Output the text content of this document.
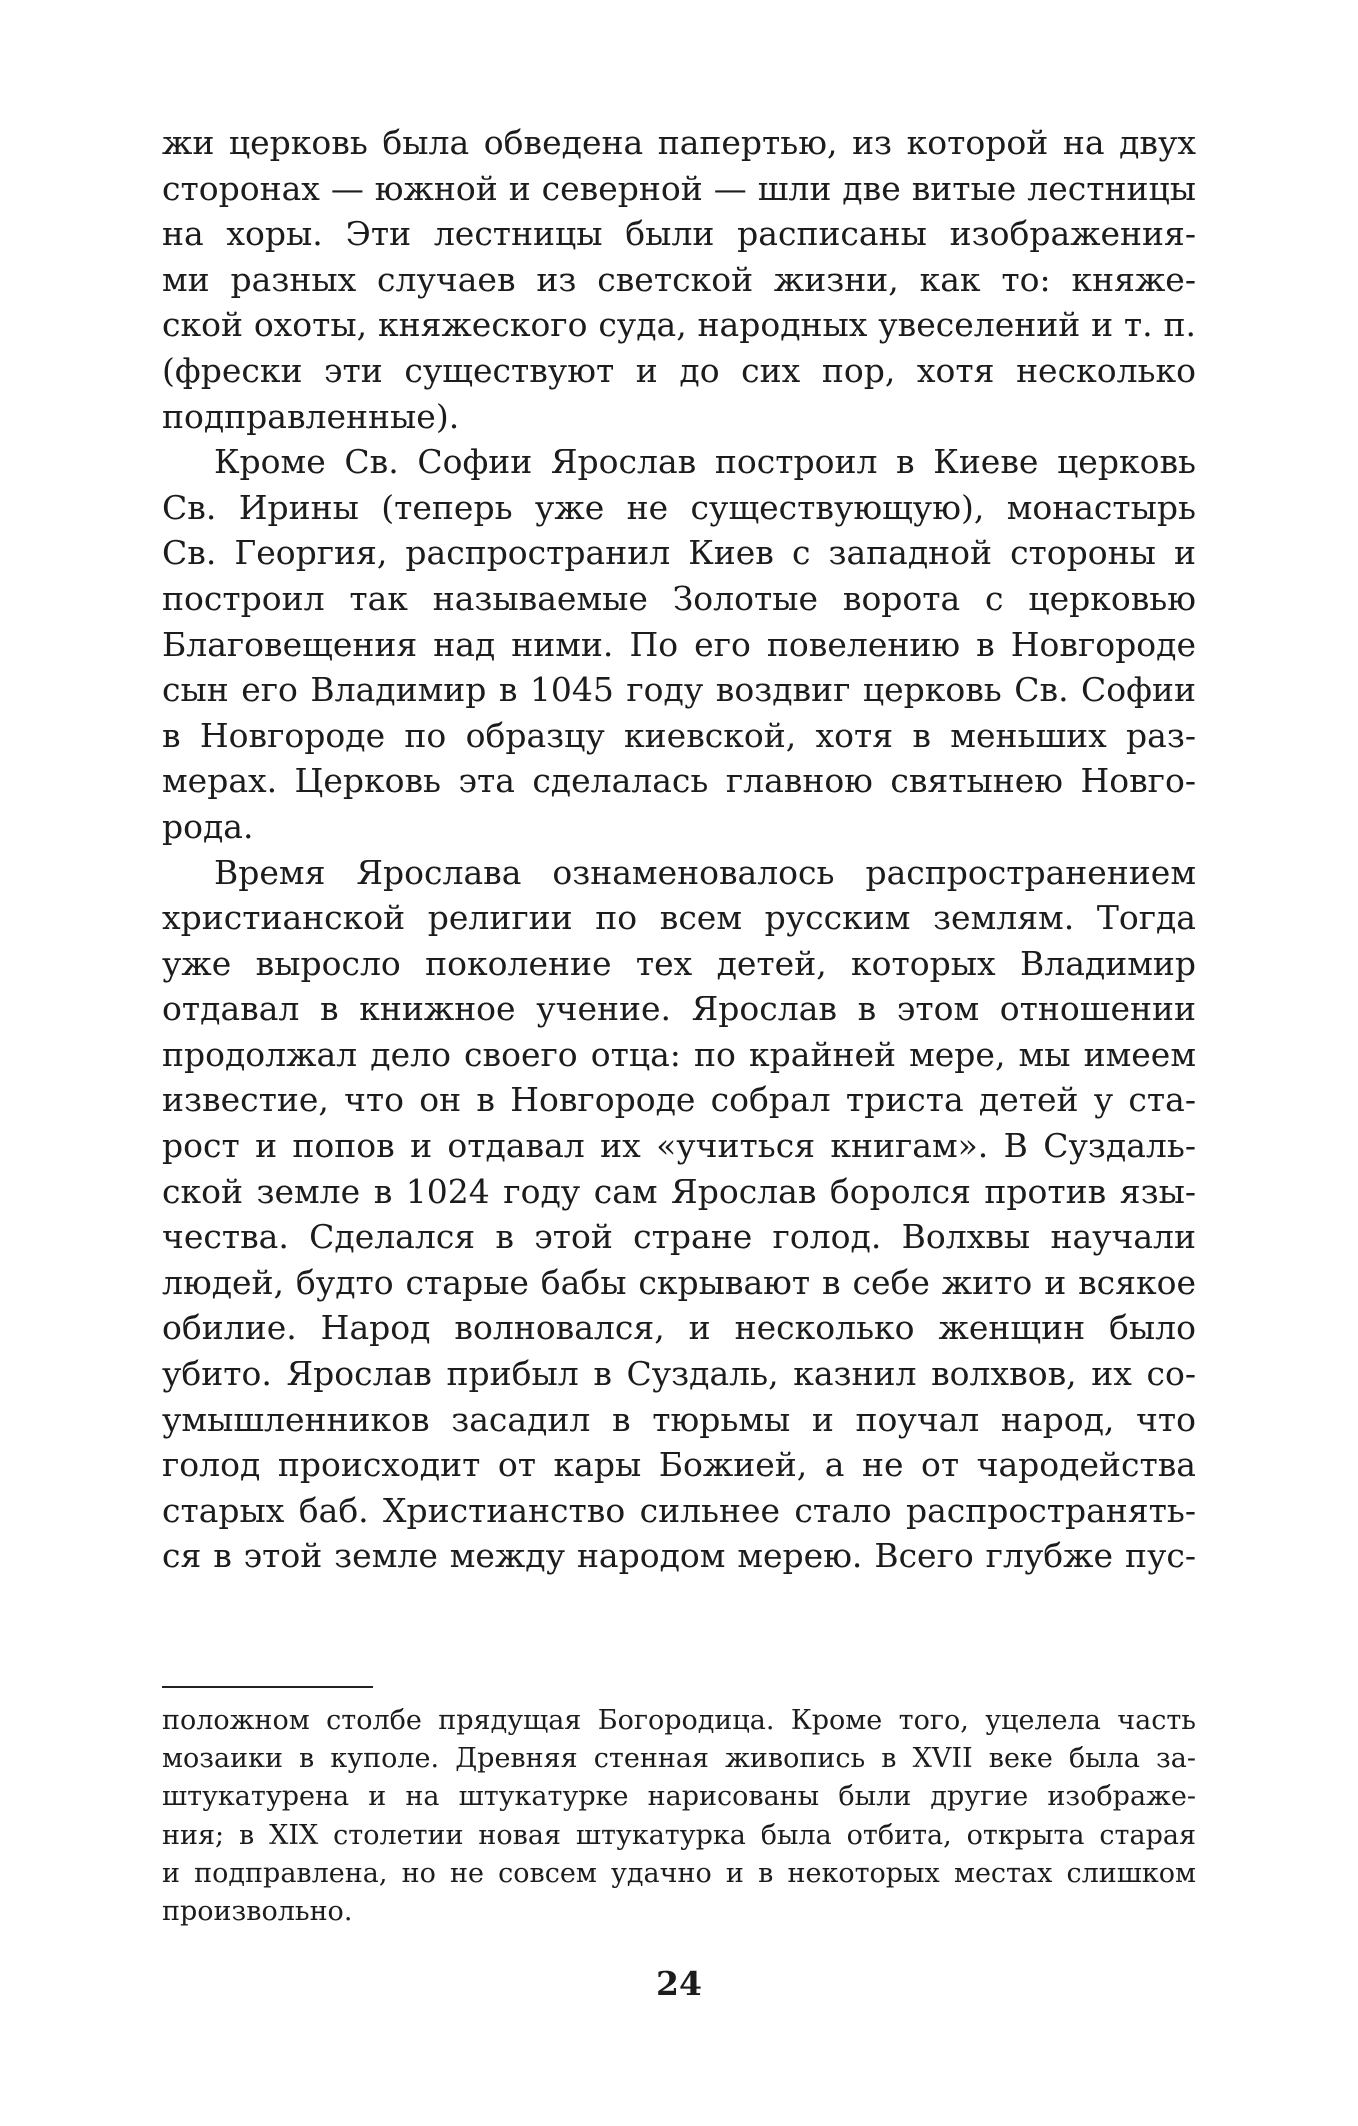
жи церковь была обведена папертью, из которой на двух
сторонах — южной и северной — шли две витые лестницы
на хоры. Эти лестницы были расписаны изображения-
ми разных случаев из светской жизни, как то: княже-
ской охоты, княжеского суда, народных увеселений и т. п.
(фрески эти существуют и до сих пор, хотя несколько
подправленные).
Кроме Св. Софии Ярослав построил в Киеве церковь
Св. Ирины (теперь уже не существующую), монастырь
Св. Георгия, распространил Киев с западной стороны и
построил так называемые Золотые ворота с церковью
Благовещения над ними. По его повелению в Новгороде
сын его Владимир в 1045 году воздвиг церковь Св. Софии
в Новгороде по образцу киевской, хотя в меньших раз-
мерах. Церковь эта сделалась главною святынею Новго-
рода.
Время Ярослава ознаменовалось распространением
христианской религии по всем русским землям. Тогда
уже выросло поколение тех детей, которых Владимир
отдавал в книжное учение. Ярослав в этом отношении
продолжал дело своего отца: по крайней мере, мы имеем
известие, что он в Новгороде собрал триста детей у ста-
рост и попов и отдавал их «учиться книгам». В Суздаль-
ской земле в 1024 году сам Ярослав боролся против язы-
чества. Сделался в этой стране голод. Волхвы научали
людей, будто старые бабы скрывают в себе жито и всякое
обилие. Народ волновался, и несколько женщин было
убито. Ярослав прибыл в Суздаль, казнил волхвов, их со-
умышленников засадил в тюрьмы и поучал народ, что
голод происходит от кары Божией, а не от чародейства
старых баб. Христианство сильнее стало распространять-
ся в этой земле между народом мерею. Всего глубже пус-
положном столбе прядущая Богородица. Кроме того, уцелела часть
мозаики в куполе. Древняя стенная живопись в XVII веке была за-
штукатурена и на штукатурке нарисованы были другие изображе-
ния; в XIX столетии новая штукатурка была отбита, открыта старая
и подправлена, но не совсем удачно и в некоторых местах слишком
произвольно.
24
